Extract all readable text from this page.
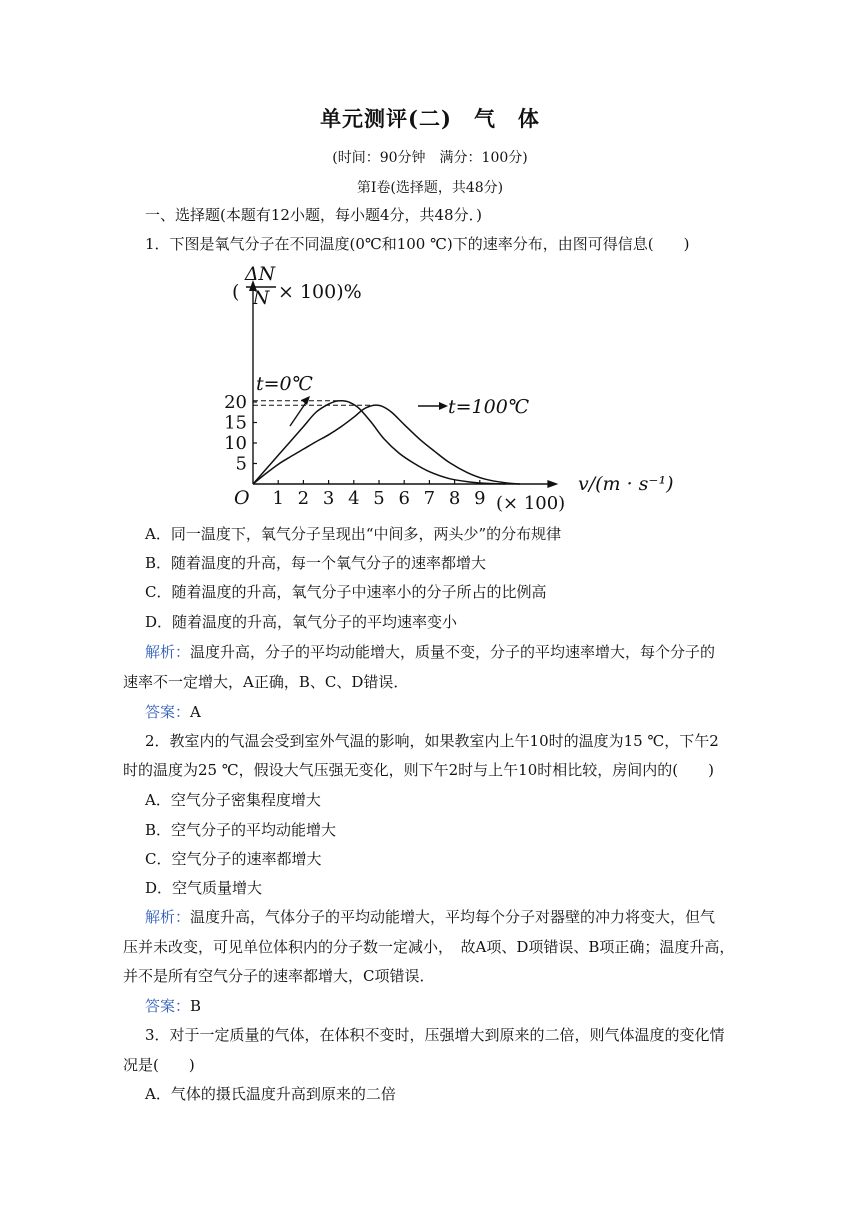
单元测评(二) 气　体
(时间：90分钟　满分：100分)
第Ⅰ卷(选择题，共48分)
一、选择题(本题有12小题，每小题4分，共48分．)
1．下图是氧气分子在不同温度(0℃和100 ℃)下的速率分布，由图可得信息(　　)
1 2 3 4 5 6 7 8 9
5
10
15
20
ΔN
N × 100)%
(
v/(m · s⁻¹)
(× 100)
O
t=0℃
t=100℃
A．同一温度下，氧气分子呈现出“中间多，两头少”的分布规律
B．随着温度的升高，每一个氧气分子的速率都增大
C．随着温度的升高，氧气分子中速率小的分子所占的比例高
D．随着温度的升高，氧气分子的平均速率变小
解析：温度升高，分子的平均动能增大，质量不变，分子的平均速率增大，每个分子的
速率不一定增大，A正确，B、C、D错误．
答案：A
2．教室内的气温会受到室外气温的影响，如果教室内上午10时的温度为15 ℃，下午2
时的温度为25 ℃，假设大气压强无变化，则下午2时与上午10时相比较，房间内的(　　)
A．空气分子密集程度增大
B．空气分子的平均动能增大
C．空气分子的速率都增大
D．空气质量增大
解析：温度升高，气体分子的平均动能增大，平均每个分子对器壁的冲力将变大，但气
压并未改变，可见单位体积内的分子数一定减小，　故A项、D项错误、B项正确；温度升高，
并不是所有空气分子的速率都增大，C项错误．
答案：B
3．对于一定质量的气体，在体积不变时，压强增大到原来的二倍，则气体温度的变化情
况是(　　)
A．气体的摄氏温度升高到原来的二倍
